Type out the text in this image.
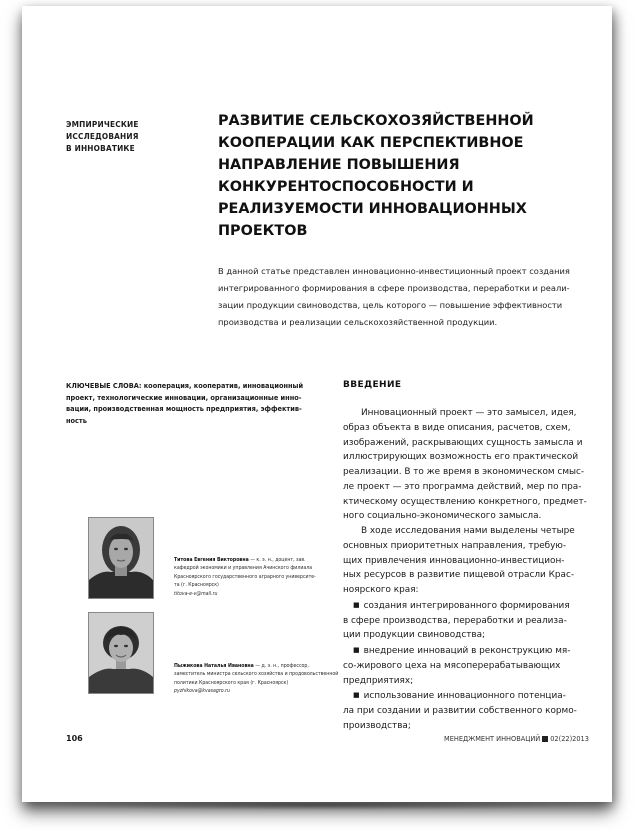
ЭМПИРИЧЕСКИЕ
ИССЛЕДОВАНИЯ
В ИННОВАТИКЕ
РАЗВИТИЕ СЕЛЬСКОХОЗЯЙСТВЕННОЙ
КООПЕРАЦИИ КАК ПЕРСПЕКТИВНОЕ
НАПРАВЛЕНИЕ ПОВЫШЕНИЯ
КОНКУРЕНТОСПОСОБНОСТИ И
РЕАЛИЗУЕМОСТИ ИННОВАЦИОННЫХ
ПРОЕКТОВ
В данной статье представлен инновационно-инвестиционный проект создания
интегрированного формирования в сфере производства, переработки и реали-
зации продукции свиноводства, цель которого — повышение эффективности
производства и реализации сельскохозяйственной продукции.
КЛЮЧЕВЫЕ СЛОВА: кооперация, кооператив, инновационный
проект, технологические инновации, организационные инно-
вации, производственная мощность предприятия, эффектив-
ность
ВВЕДЕНИЕ
Инновационный проект — это замысел, идея,
образ объекта в виде описания, расчетов, схем,
изображений, раскрывающих сущность замысла и
иллюстрирующих возможность его практической
реализации. В то же время в экономическом смыс-
ле проект — это программа действий, мер по пра-
ктическому осуществлению конкретного, предмет-
ного социально-экономического замысла.
В ходе исследования нами выделены четыре
основных приоритетных направления, требую-
щих привлечения инновационно-инвестицион-
ных ресурсов в развитие пищевой отрасли Крас-
ноярского края:
■ создания интегрированного формирования
в сфере производства, переработки и реализа-
ции продукции свиноводства;
■ внедрение инноваций в реконструкцию мя-
со-жирового цеха на мясоперерабатывающих
предприятиях;
■ использование инновационного потенциа-
ла при создании и развитии собственного кормо-
производства;
Титова Евгения Викторовна — к. э. н., доцент, зав.
кафедрой экономики и управления Ачинского филиала
Красноярского государственного аграрного университе-
та (г. Красноярск)
titova-e-v@mail.ru
Пыжикова Наталья Ивановна — д. э. н., профессор,
заместитель министра сельского хозяйства и продовольственной
политики Красноярского края (г. Красноярск)
pyzhikova@kvasagro.ru
106	МЕНЕДЖМЕНТ ИННОВАЦИЙ 02(22)2013
